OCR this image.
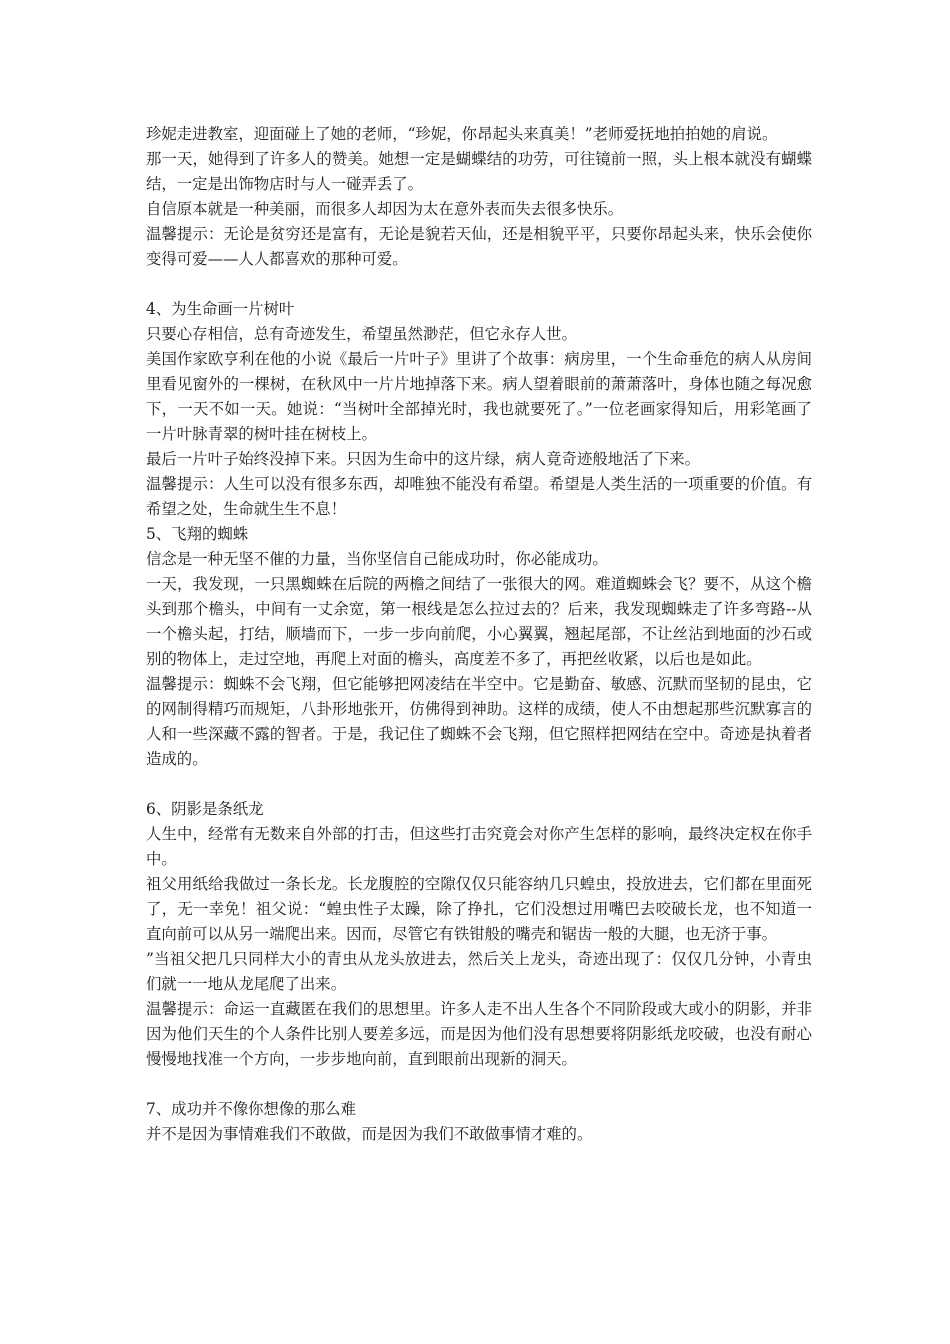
珍妮走进教室，迎面碰上了她的老师，“珍妮，你昂起头来真美！”老师爱抚地拍拍她的肩说。

那一天，她得到了许多人的赞美。她想一定是蝴蝶结的功劳，可往镜前一照，头上根本就没有蝴蝶结，一定是出饰物店时与人一碰弄丢了。

自信原本就是一种美丽，而很多人却因为太在意外表而失去很多快乐。

温馨提示：无论是贫穷还是富有，无论是貌若天仙，还是相貌平平，只要你昂起头来，快乐会使你变得可爱——人人都喜欢的那种可爱。

4、为生命画一片树叶

只要心存相信，总有奇迹发生，希望虽然渺茫，但它永存人世。

美国作家欧亨利在他的小说《最后一片叶子》里讲了个故事：病房里，一个生命垂危的病人从房间里看见窗外的一棵树，在秋风中一片片地掉落下来。病人望着眼前的萧萧落叶，身体也随之每况愈下，一天不如一天。她说：“当树叶全部掉光时，我也就要死了。”一位老画家得知后，用彩笔画了一片叶脉青翠的树叶挂在树枝上。

最后一片叶子始终没掉下来。只因为生命中的这片绿，病人竟奇迹般地活了下来。

温馨提示：人生可以没有很多东西，却唯独不能没有希望。希望是人类生活的一项重要的价值。有希望之处，生命就生生不息！

5、飞翔的蜘蛛

信念是一种无坚不催的力量，当你坚信自己能成功时，你必能成功。

一天，我发现，一只黑蜘蛛在后院的两檐之间结了一张很大的网。难道蜘蛛会飞？要不，从这个檐头到那个檐头，中间有一丈余宽，第一根线是怎么拉过去的？后来，我发现蜘蛛走了许多弯路--从一个檐头起，打结，顺墙而下，一步一步向前爬，小心翼翼，翘起尾部，不让丝沾到地面的沙石或别的物体上，走过空地，再爬上对面的檐头，高度差不多了，再把丝收紧，以后也是如此。

温馨提示：蜘蛛不会飞翔，但它能够把网凌结在半空中。它是勤奋、敏感、沉默而坚韧的昆虫，它的网制得精巧而规矩，八卦形地张开，仿佛得到神助。这样的成绩，使人不由想起那些沉默寡言的人和一些深藏不露的智者。于是，我记住了蜘蛛不会飞翔，但它照样把网结在空中。奇迹是执着者造成的。

6、阴影是条纸龙

人生中，经常有无数来自外部的打击，但这些打击究竟会对你产生怎样的影响，最终决定权在你手中。

祖父用纸给我做过一条长龙。长龙腹腔的空隙仅仅只能容纳几只蝗虫，投放进去，它们都在里面死了，无一幸免！祖父说：“蝗虫性子太躁，除了挣扎，它们没想过用嘴巴去咬破长龙，也不知道一直向前可以从另一端爬出来。因而，尽管它有铁钳般的嘴壳和锯齿一般的大腿，也无济于事。

”当祖父把几只同样大小的青虫从龙头放进去，然后关上龙头，奇迹出现了：仅仅几分钟，小青虫们就一一地从龙尾爬了出来。

温馨提示：命运一直藏匿在我们的思想里。许多人走不出人生各个不同阶段或大或小的阴影，并非因为他们天生的个人条件比别人要差多远，而是因为他们没有思想要将阴影纸龙咬破，也没有耐心慢慢地找准一个方向，一步步地向前，直到眼前出现新的洞天。

7、成功并不像你想像的那么难

并不是因为事情难我们不敢做，而是因为我们不敢做事情才难的。
